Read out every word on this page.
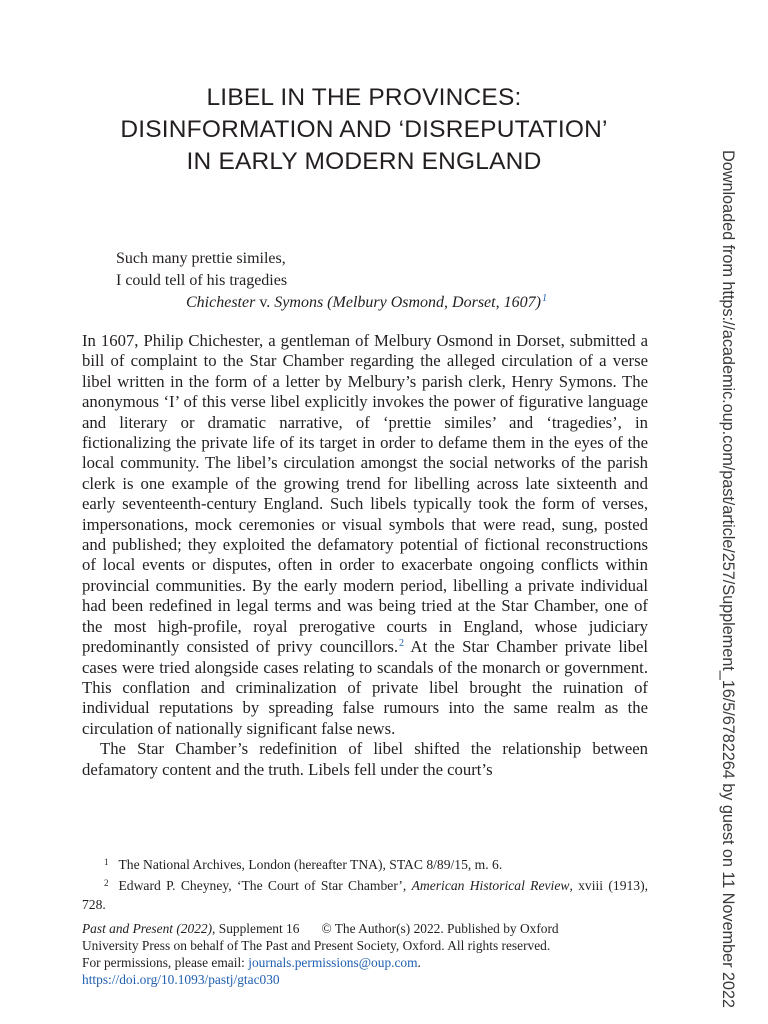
LIBEL IN THE PROVINCES:
DISINFORMATION AND ‘DISREPUTATION’
IN EARLY MODERN ENGLAND
Such many prettie similes,
I could tell of his tragedies
Chichester v. Symons (Melbury Osmond, Dorset, 1607)$^1$

In 1607, Philip Chichester, a gentleman of Melbury Osmond in Dorset, submitted a bill of complaint to the Star Chamber regarding the alleged circulation of a verse libel written in the form of a letter by Melbury’s parish clerk, Henry Symons. The anonymous ‘I’ of this verse libel explicitly invokes the power of figurative language and literary or dramatic narrative, of ‘prettie similes’ and ‘tragedies’, in fictionalizing the private life of its target in order to defame them in the eyes of the local community. The libel’s circulation amongst the social networks of the parish clerk is one example of the growing trend for libelling across late sixteenth and early seventeenth-century England. Such libels typically took the form of verses, impersonations, mock ceremonies or visual symbols that were read, sung, posted and published; they exploited the defamatory potential of fictional reconstructions of local events or disputes, often in order to exacerbate ongoing conflicts within provincial communities. By the early modern period, libelling a private individual had been redefined in legal terms and was being tried at the Star Chamber, one of the most high-profile, royal prerogative courts in England, whose judiciary predominantly consisted of privy councillors.$^2$ At the Star Chamber private libel cases were tried alongside cases relating to scandals of the monarch or government. This conflation and criminalization of private libel brought the ruination of individual reputations by spreading false rumours into the same realm as the circulation of nationally significant false news.

The Star Chamber’s redefinition of libel shifted the relationship between defamatory content and the truth. Libels fell under the court’s

$^1$ The National Archives, London (hereafter TNA), STAC 8/89/15, m. 6.
$^2$ Edward P. Cheyney, ‘The Court of Star Chamber’, American Historical Review, xviii (1913), 728.
Past and Present (2022), Supplement 16 © The Author(s) 2022. Published by Oxford
University Press on behalf of The Past and Present Society, Oxford. All rights reserved.
For permissions, please email: journals.permissions@oup.com.
https://doi.org/10.1093/pastj/gtac030	Downloaded from https://academic.oup.com/past/article/257/Supplement_16/5/6782264 by guest on 11 November 2022
